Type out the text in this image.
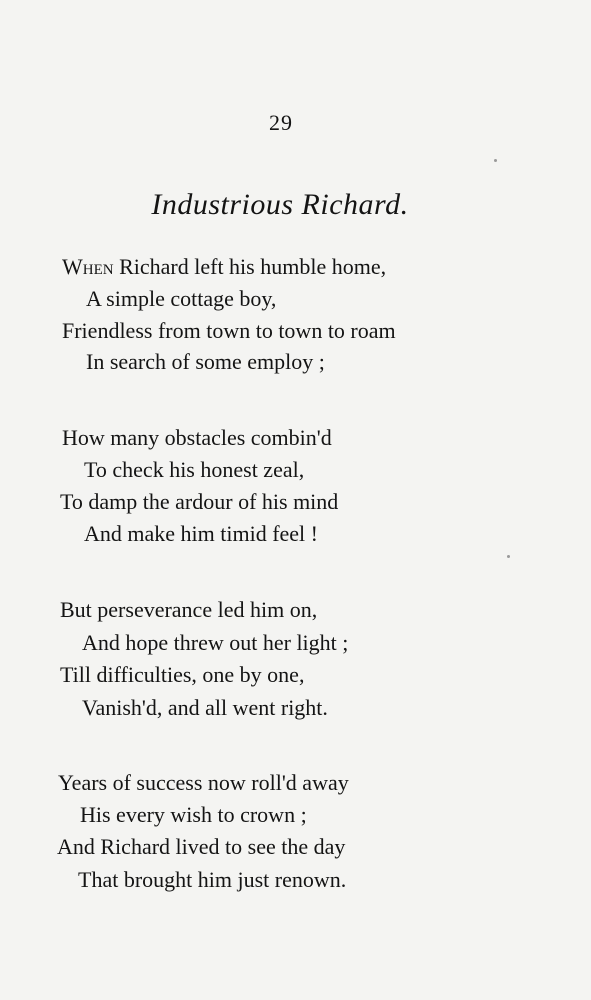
29
Industrious Richard.
When Richard left his humble home,
A simple cottage boy,
Friendless from town to town to roam
In search of some employ ;
How many obstacles combin'd
To check his honest zeal,
To damp the ardour of his mind
And make him timid feel !
But perseverance led him on,
And hope threw out her light ;
Till difficulties, one by one,
Vanish'd, and all went right.
Years of success now roll'd away
His every wish to crown ;
And Richard lived to see the day
That brought him just renown.
